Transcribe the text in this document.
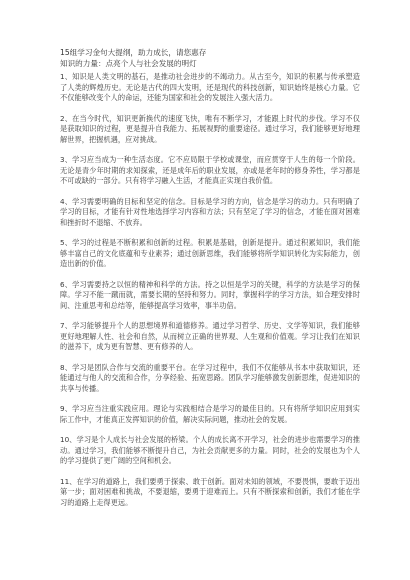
15组学习金句大提纲，助力成长，请您惠存
知识的力量：点亮个人与社会发展的明灯

1、知识是人类文明的基石，是推动社会进步的不竭动力。从古至今，知识的积累与传承塑造了人类的辉煌历史。无论是古代的四大发明，还是现代的科技创新，知识始终是核心力量。它不仅能够改变个人的命运，还能为国家和社会的发展注入强大活力。

2、在当今时代，知识更新换代的速度飞快，唯有不断学习，才能跟上时代的步伐。学习不仅是获取知识的过程，更是提升自我能力、拓展视野的重要途径。通过学习，我们能够更好地理解世界，把握机遇，应对挑战。

3、学习应当成为一种生活态度。它不应局限于学校或课堂，而应贯穿于人生的每一个阶段。无论是青少年时期的求知探索，还是成年后的职业发展，亦或是老年时的修身养性，学习都是不可或缺的一部分。只有将学习融入生活，才能真正实现自我价值。

4、学习需要明确的目标和坚定的信念。目标是学习的方向，信念是学习的动力。只有明确了学习的目标，才能有针对性地选择学习内容和方法；只有坚定了学习的信念，才能在面对困难和挫折时不退缩、不放弃。

5、学习的过程是不断积累和创新的过程。积累是基础，创新是提升。通过积累知识，我们能够丰富自己的文化底蕴和专业素养；通过创新思维，我们能够将所学知识转化为实际能力，创造出新的价值。

6、学习需要持之以恒的精神和科学的方法。持之以恒是学习的关键，科学的方法是学习的保障。学习不能一蹴而就，需要长期的坚持和努力。同时，掌握科学的学习方法，如合理安排时间、注重思考和总结等，能够提高学习效率，事半功倍。

7、学习能够提升个人的思想境界和道德修养。通过学习哲学、历史、文学等知识，我们能够更好地理解人性、社会和自然，从而树立正确的世界观、人生观和价值观。学习让我们在知识的滋养下，成为更有智慧、更有修养的人。

8、学习是团队合作与交流的重要平台。在学习过程中，我们不仅能够从书本中获取知识，还能通过与他人的交流和合作，分享经验、拓宽思路。团队学习能够激发创新思维，促进知识的共享与传播。

9、学习应当注重实践应用。理论与实践相结合是学习的最佳目的。只有将所学知识应用到实际工作中，才能真正发挥知识的价值，解决实际问题，推动社会的发展。

10、学习是个人成长与社会发展的桥梁。个人的成长离不开学习，社会的进步也需要学习的推动。通过学习，我们能够不断提升自己，为社会贡献更多的力量。同时，社会的发展也为个人的学习提供了更广阔的空间和机会。

11、在学习的道路上，我们要勇于探索、敢于创新。面对未知的领域，不要畏惧，要敢于迈出第一步；面对困难和挑战，不要退缩，要勇于迎难而上。只有不断探索和创新，我们才能在学习的道路上走得更远。
